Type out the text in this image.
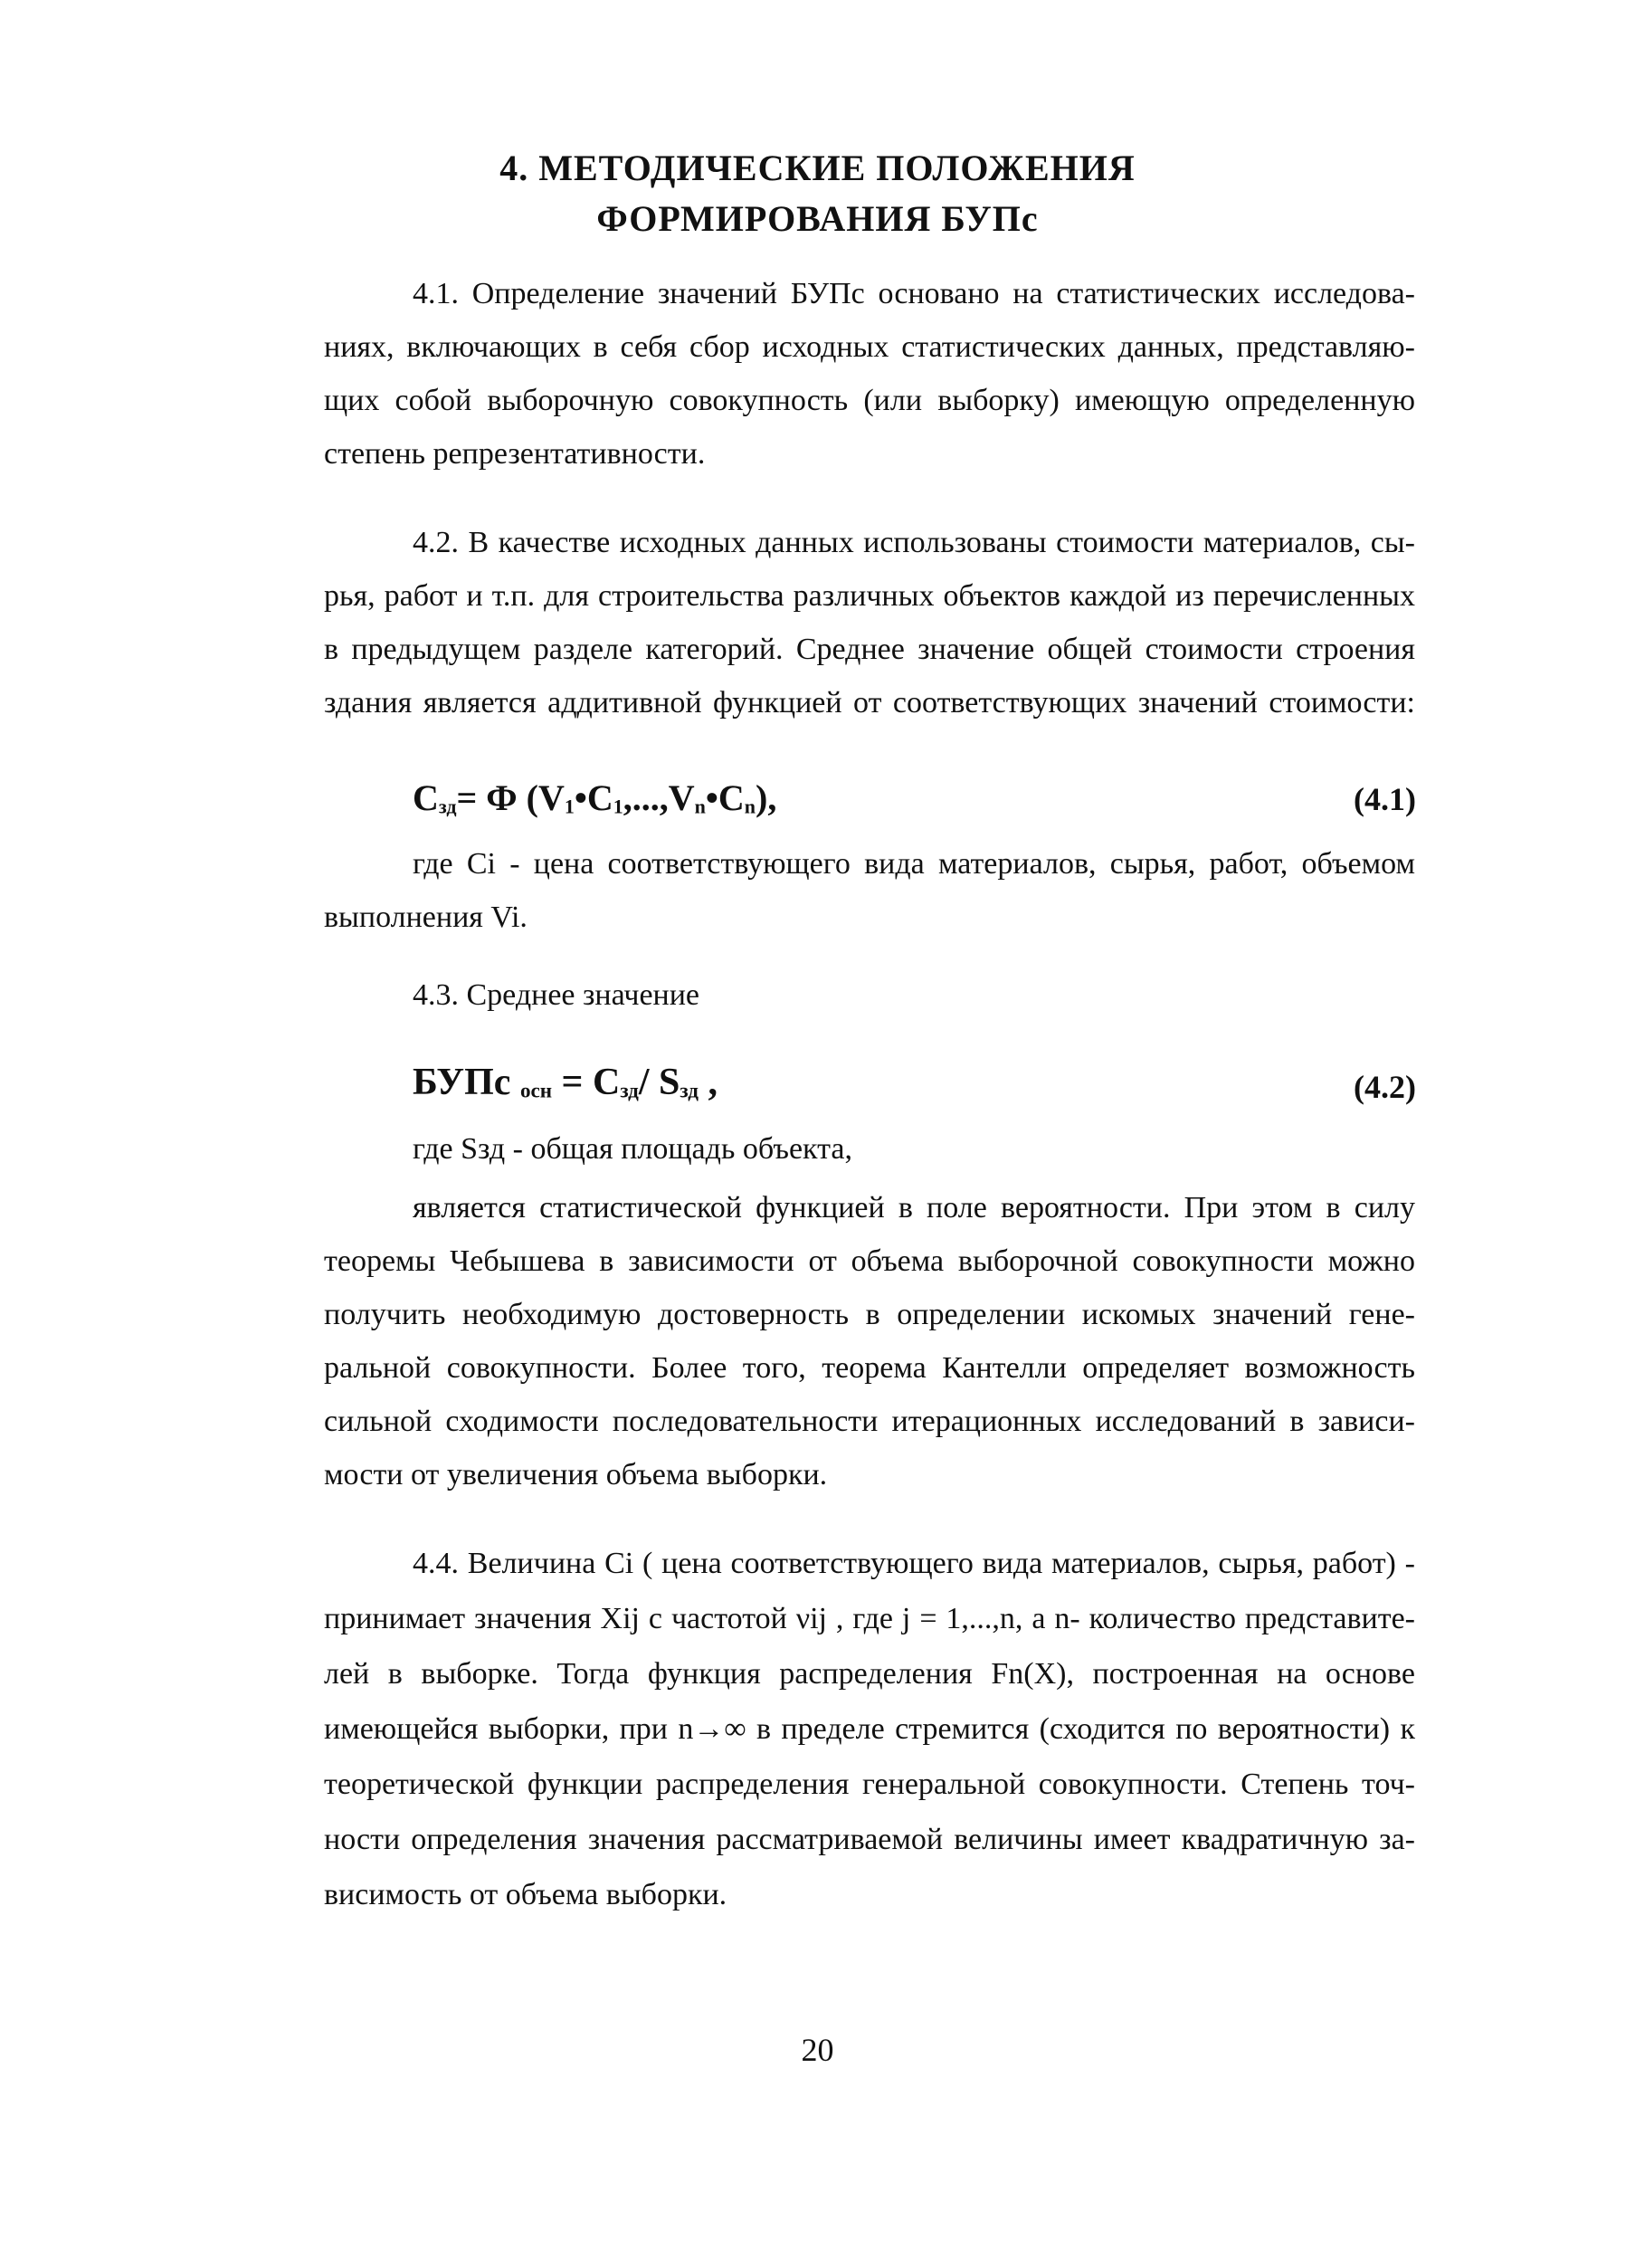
4. МЕТОДИЧЕСКИЕ ПОЛОЖЕНИЯ
ФОРМИРОВАНИЯ БУПс
4.1. Определение значений БУПс основано на статистических исследова-
ниях, включающих в себя сбор исходных статистических данных, представляю-
щих собой выборочную совокупность (или выборку) имеющую определенную
степень репрезентативности.
4.2. В качестве исходных данных использованы стоимости материалов, сы-
рья, работ и т.п. для строительства различных объектов каждой из перечисленных
в предыдущем разделе категорий. Среднее значение общей стоимости строения
здания является аддитивной функцией от соответствующих значений стоимости:
$С_{зд}= Ф$ $(V_1•С_1,...,V_n•С_n)$,	(4.1)
где Ci - цена соответствующего вида материалов, сырья, работ, объемом
выполнения Vi.
4.3. Среднее значение
БУПс $_{осн} = С_{зд}/$ $S_{зд}$ ,	(4.2)
где Sзд - общая площадь объекта,
является статистической функцией в поле вероятности. При этом в силу
теоремы Чебышева в зависимости от объема выборочной совокупности можно
получить необходимую достоверность в определении искомых значений гене-
ральной совокупности. Более того, теорема Кантелли определяет возможность
сильной сходимости последовательности итерационных исследований в зависи-
мости от увеличения объема выборки.
4.4. Величина Ci ( цена соответствующего вида материалов, сырья, работ) -
принимает значения Xij с частотой νij , где j = 1,...,n, а n- количество представите-
лей в выборке. Тогда функция распределения Fn(X), построенная на основе
имеющейся выборки, при n→∞ в пределе стремится (сходится по вероятности) к
теоретической функции распределения генеральной совокупности. Степень точ-
ности определения значения рассматриваемой величины имеет квадратичную за-
висимость от объема выборки.
20
